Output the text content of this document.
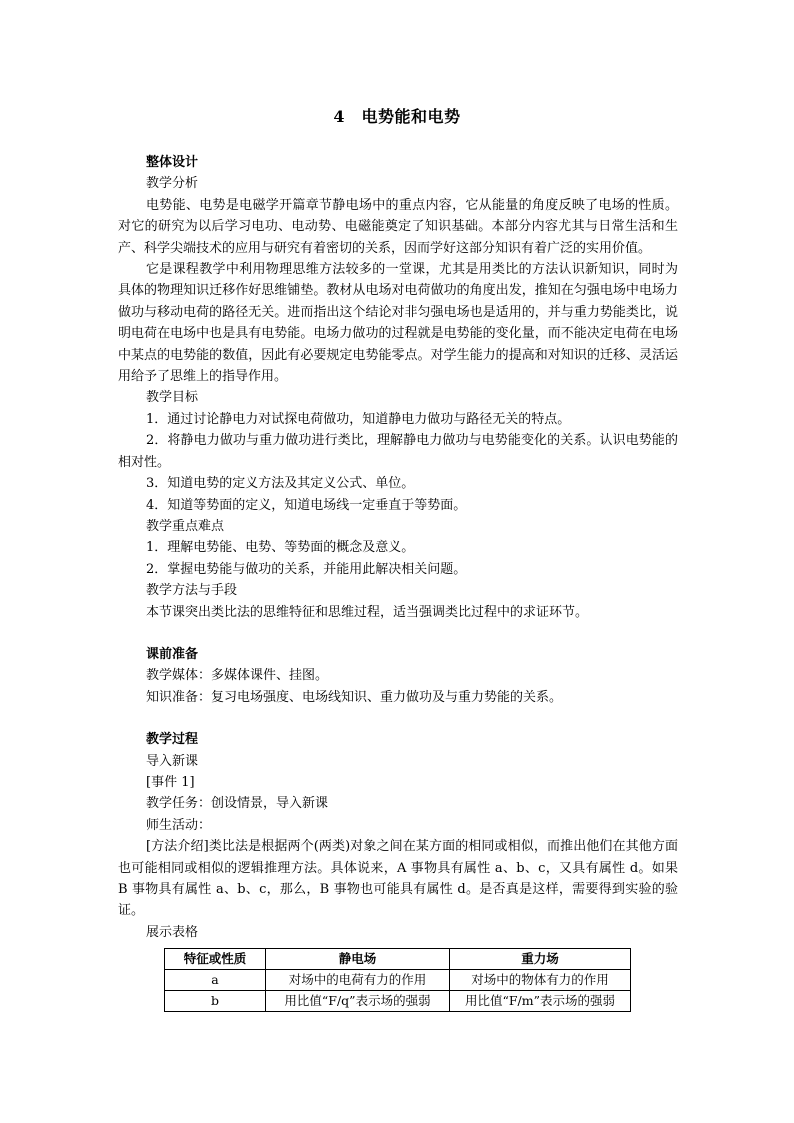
4　电势能和电势

整体设计

教学分析

电势能、电势是电磁学开篇章节静电场中的重点内容，它从能量的角度反映了电场的性质。对它的研究为以后学习电功、电动势、电磁能奠定了知识基础。本部分内容尤其与日常生活和生产、科学尖端技术的应用与研究有着密切的关系，因而学好这部分知识有着广泛的实用价值。

它是课程教学中利用物理思维方法较多的一堂课，尤其是用类比的方法认识新知识，同时为具体的物理知识迁移作好思维铺垫。教材从电场对电荷做功的角度出发，推知在匀强电场中电场力做功与移动电荷的路径无关。进而指出这个结论对非匀强电场也是适用的，并与重力势能类比，说明电荷在电场中也是具有电势能。电场力做功的过程就是电势能的变化量，而不能决定电荷在电场中某点的电势能的数值，因此有必要规定电势能零点。对学生能力的提高和对知识的迁移、灵活运用给予了思维上的指导作用。

教学目标

1．通过讨论静电力对试探电荷做功，知道静电力做功与路径无关的特点。

2．将静电力做功与重力做功进行类比，理解静电力做功与电势能变化的关系。认识电势能的相对性。

3．知道电势的定义方法及其定义公式、单位。

4．知道等势面的定义，知道电场线一定垂直于等势面。

教学重点难点

1．理解电势能、电势、等势面的概念及意义。

2．掌握电势能与做功的关系，并能用此解决相关问题。

教学方法与手段

本节课突出类比法的思维特征和思维过程，适当强调类比过程中的求证环节。

课前准备

教学媒体：多媒体课件、挂图。

知识准备：复习电场强度、电场线知识、重力做功及与重力势能的关系。

教学过程

导入新课

[事件 1]

教学任务：创设情景，导入新课

师生活动：

[方法介绍]类比法是根据两个(两类)对象之间在某方面的相同或相似，而推出他们在其他方面也可能相同或相似的逻辑推理方法。具体说来，A 事物具有属性 a、b、c，又具有属性 d。如果 B 事物具有属性 a、b、c，那么，B 事物也可能具有属性 d。是否真是这样，需要得到实验的验证。

展示表格

特征或性质	静电场	重力场
a	对场中的电荷有力的作用	对场中的物体有力的作用
b	用比值“F/q”表示场的强弱	用比值“F/m”表示场的强弱
